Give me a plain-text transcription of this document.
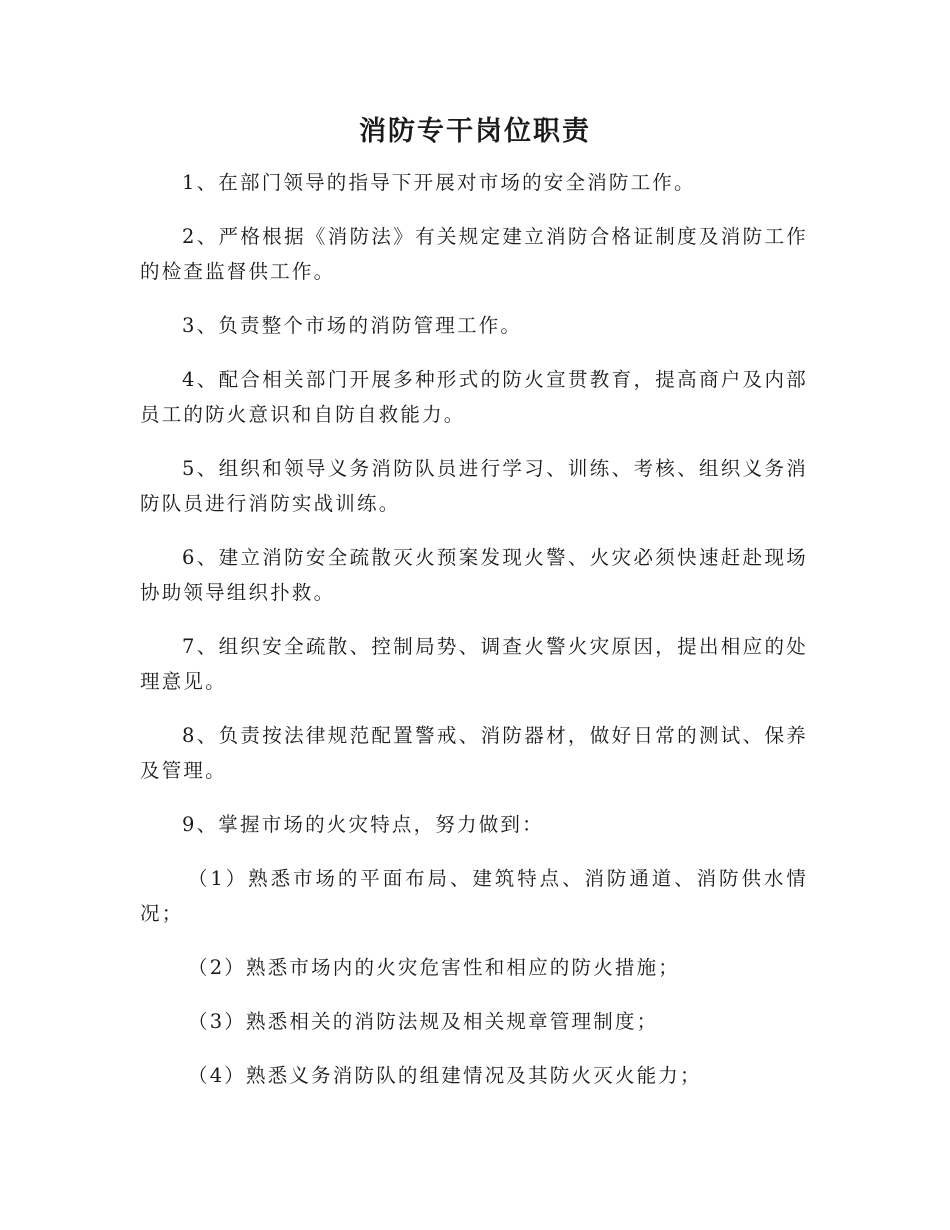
消防专干岗位职责

1、在部门领导的指导下开展对市场的安全消防工作。

2、严格根据《消防法》有关规定建立消防合格证制度及消防工作的检查监督供工作。

3、负责整个市场的消防管理工作。

4、配合相关部门开展多种形式的防火宣贯教育，提高商户及内部员工的防火意识和自防自救能力。

5、组织和领导义务消防队员进行学习、训练、考核、组织义务消防队员进行消防实战训练。

6、建立消防安全疏散灭火预案发现火警、火灾必须快速赶赴现场协助领导组织扑救。

7、组织安全疏散、控制局势、调查火警火灾原因，提出相应的处理意见。

8、负责按法律规范配置警戒、消防器材，做好日常的测试、保养及管理。

9、掌握市场的火灾特点，努力做到：

（1）熟悉市场的平面布局、建筑特点、消防通道、消防供水情况；

（2）熟悉市场内的火灾危害性和相应的防火措施；

（3）熟悉相关的消防法规及相关规章管理制度；

（4）熟悉义务消防队的组建情况及其防火灭火能力；
